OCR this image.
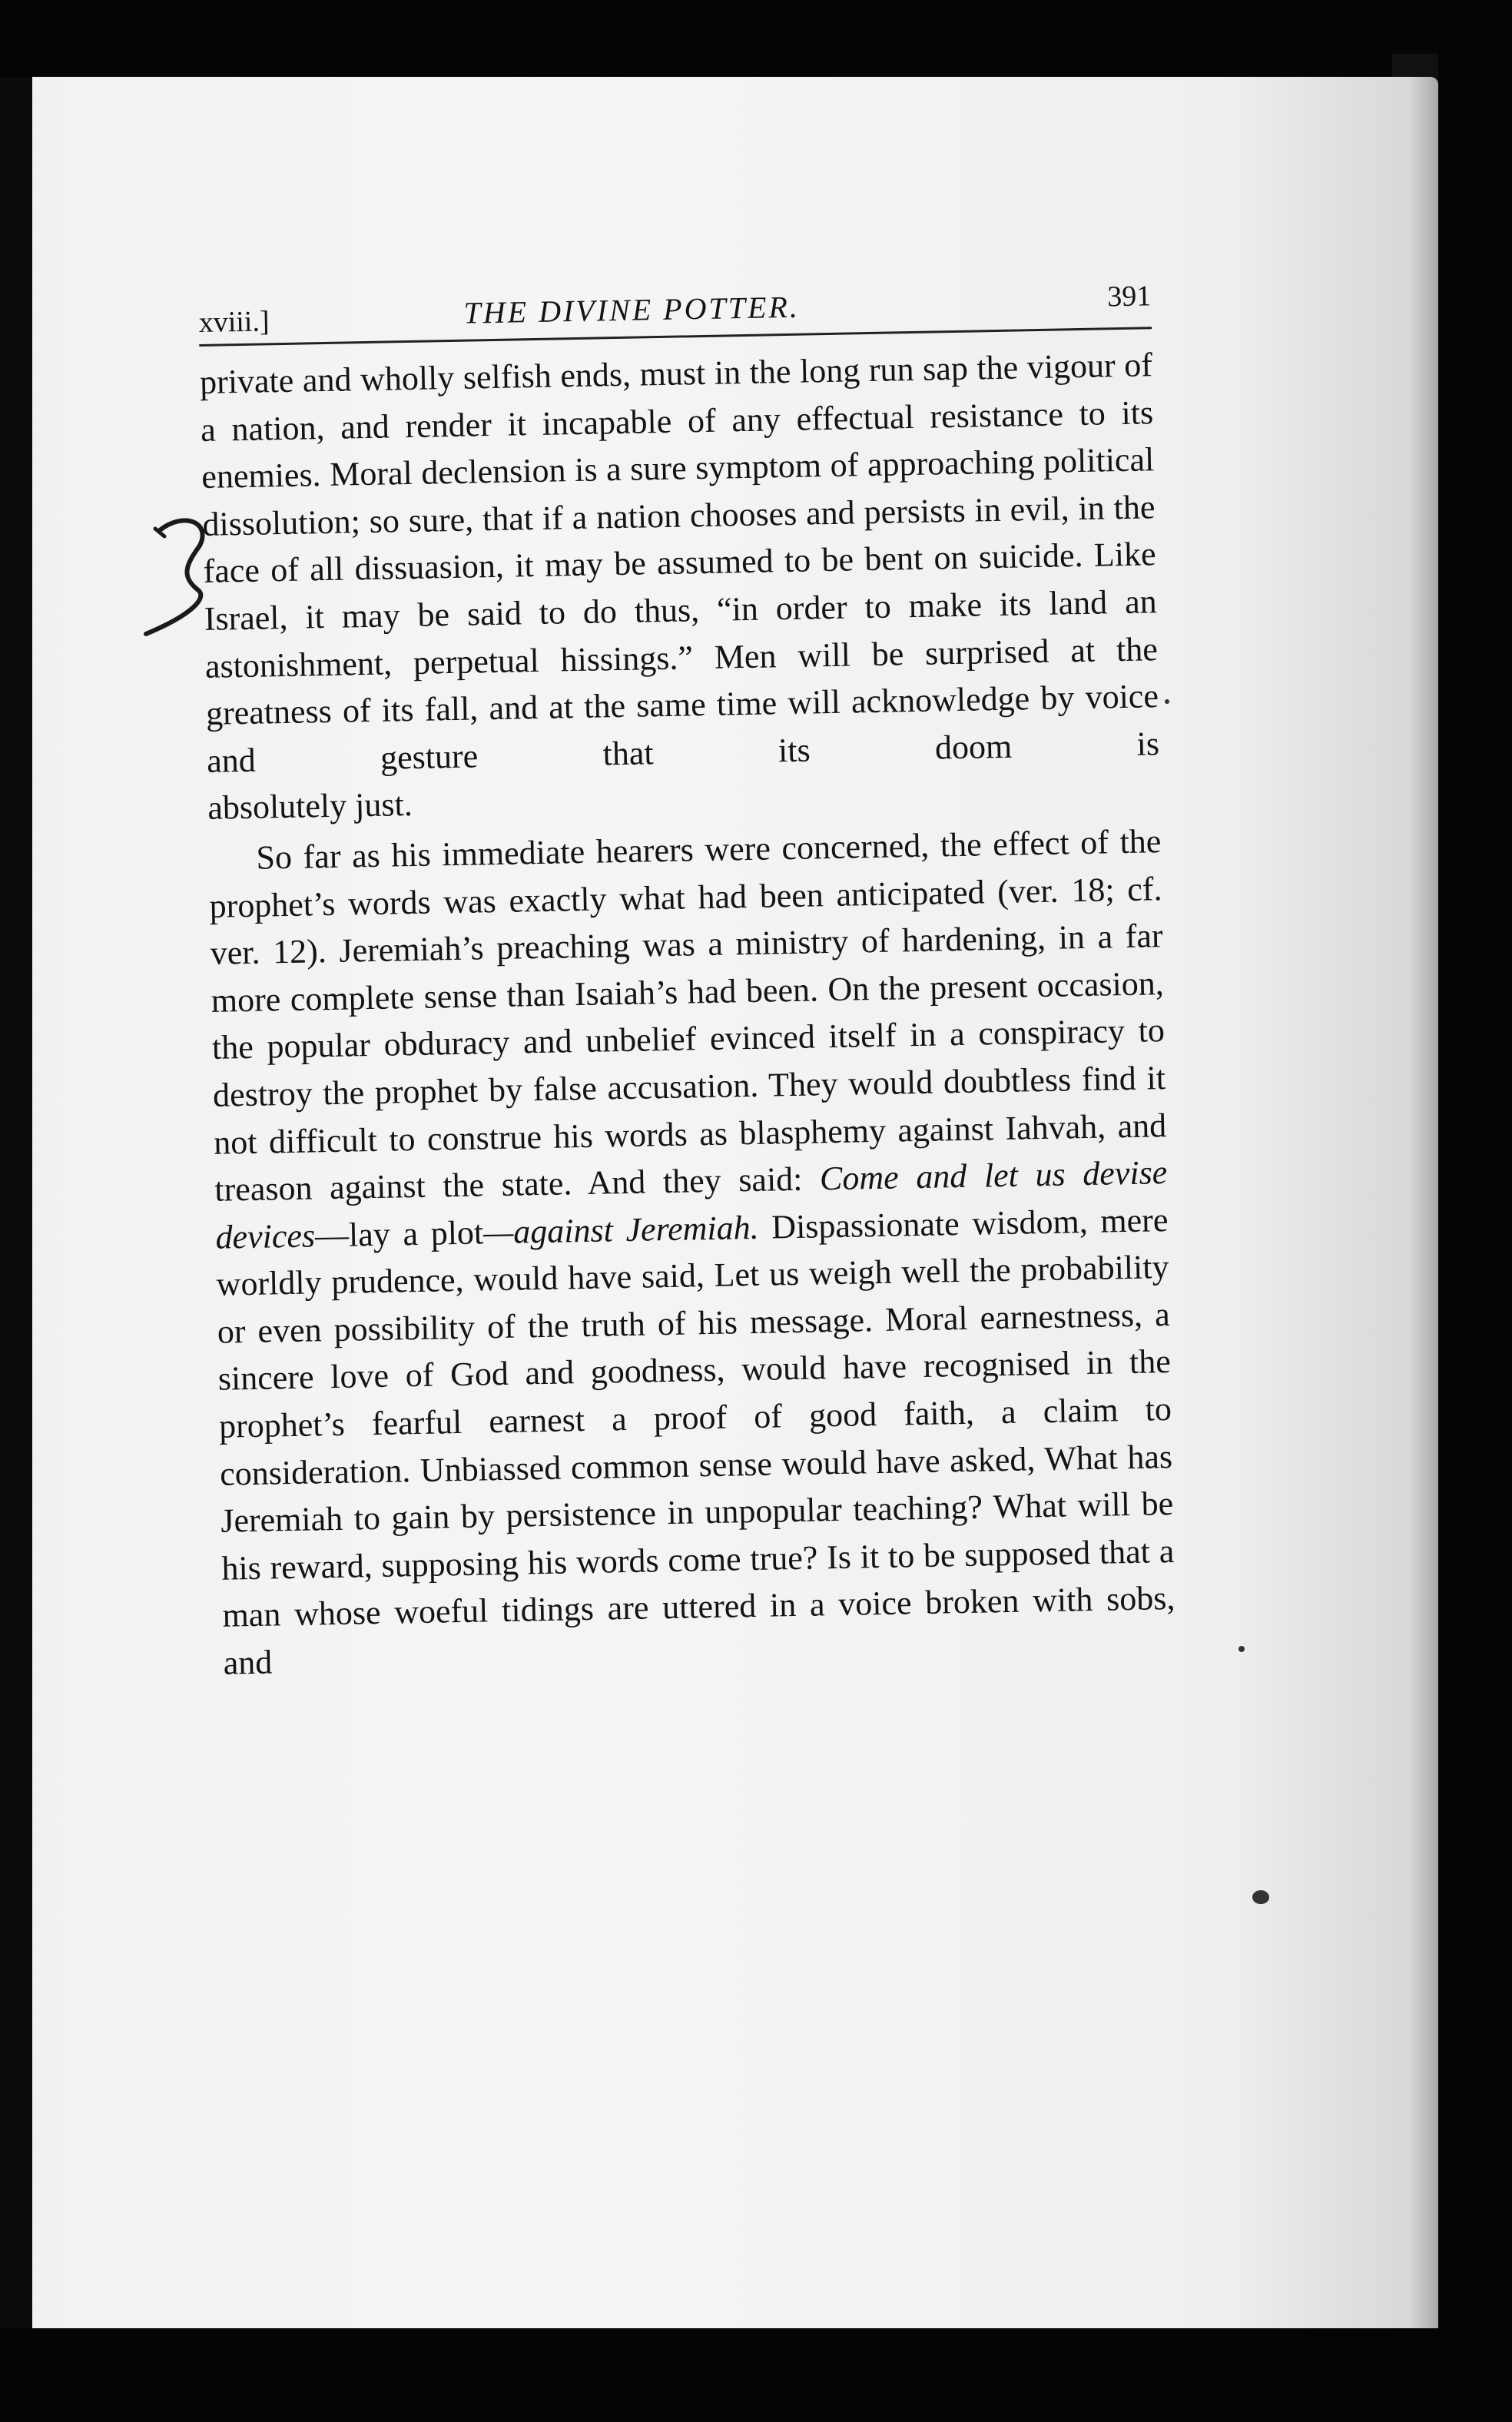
xviii.]	THE DIVINE POTTER.	391

private and wholly selfish ends, must in the long run sap the vigour of a nation, and render it incapable of any effectual resistance to its enemies. Moral declension is a sure symptom of approaching political dissolution; so sure, that if a nation chooses and persists in evil, in the face of all dissuasion, it may be assumed to be bent on suicide. Like Israel, it may be said to do thus, “in order to make its land an astonishment, perpetual hissings.” Men will be surprised at the greatness of its fall, and at the same time will acknowledge by voice and gesture that its doom is

absolutely just.

So far as his immediate hearers were concerned, the effect of the prophet’s words was exactly what had been anticipated (ver. 18; cf. ver. 12). Jeremiah’s preaching was a ministry of hardening, in a far more complete sense than Isaiah’s had been. On the present occasion, the popular obduracy and unbelief evinced itself in a conspiracy to destroy the prophet by false accusation. They would doubtless find it not difficult to construe his words as blasphemy against Iahvah, and treason against the state. And they said: Come and let us devise devices—lay a plot—against Jeremiah. Dispassionate wisdom, mere worldly prudence, would have said, Let us weigh well the probability or even possibility of the truth of his message. Moral earnestness, a sincere love of God and goodness, would have recognised in the prophet’s fearful earnest a proof of good faith, a claim to consideration. Unbiassed common sense would have asked, What has Jeremiah to gain by persistence in unpopular teaching? What will be his reward, supposing his words come true? Is it to be supposed that a man whose woeful tidings are uttered in a voice broken with sobs, and
